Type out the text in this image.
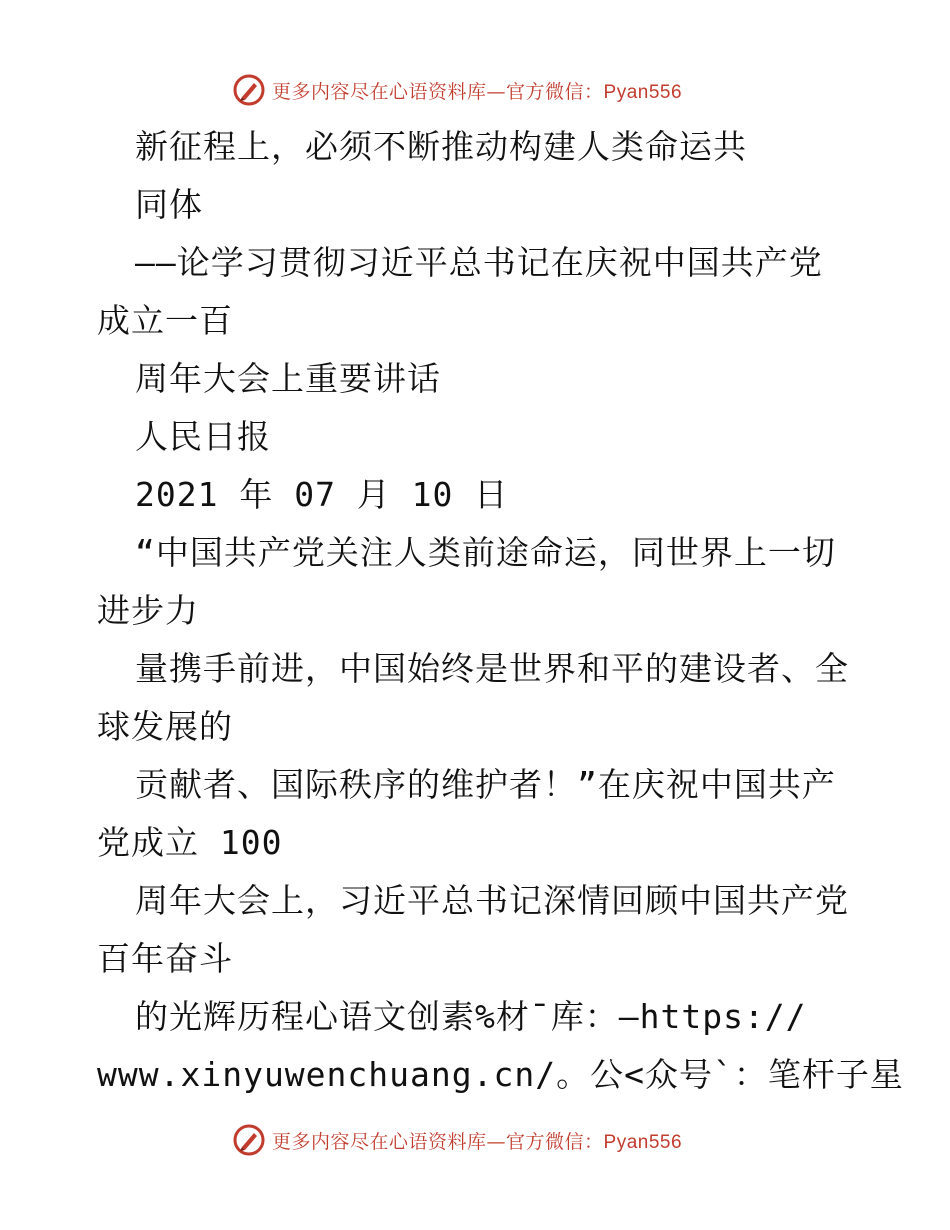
更多内容尽在心语资料库—官方微信：Pyan556
新征程上，必须不断推动构建人类命运共
同体
——论学习贯彻习近平总书记在庆祝中国共产党
成立一百
周年大会上重要讲话
人民日报
2021 年 07 月 10 日
“中国共产党关注人类前途命运，同世界上一切
进步力
量携手前进，中国始终是世界和平的建设者、全
球发展的
贡献者、国际秩序的维护者！”在庆祝中国共产
党成立 100
周年大会上，习近平总书记深情回顾中国共产党
百年奋斗
的光辉历程心语文创素%材¯库：—https://
www.xinyuwenchuang.cn/。公<众号`：笔杆子星
更多内容尽在心语资料库—官方微信：Pyan556
